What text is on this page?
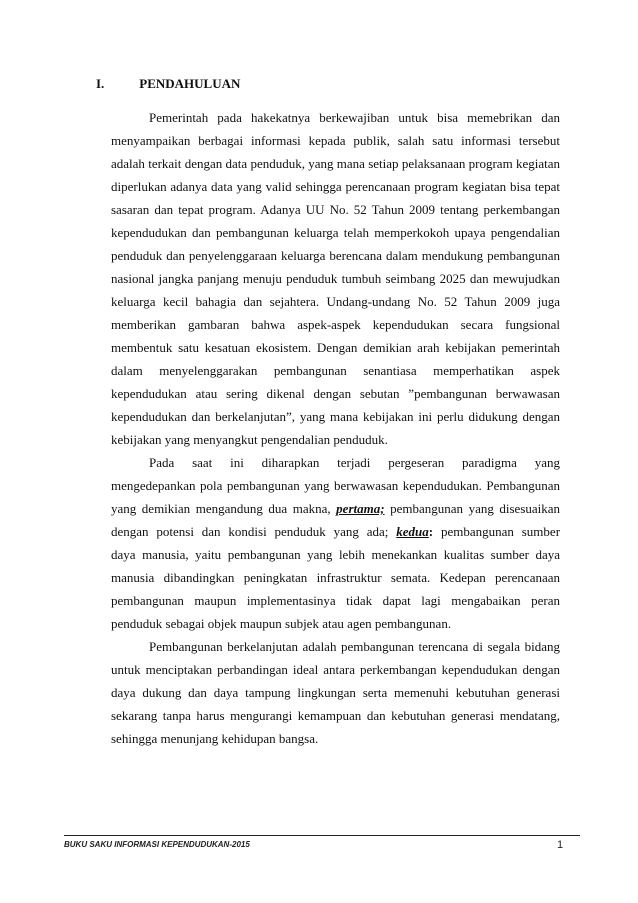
I.	PENDAHULUAN
Pemerintah pada hakekatnya berkewajiban untuk bisa memebrikan dan
menyampaikan berbagai informasi kepada publik, salah satu informasi tersebut
adalah terkait dengan data penduduk, yang mana setiap pelaksanaan program kegiatan
diperlukan adanya data yang valid sehingga perencanaan program kegiatan bisa tepat
sasaran dan tepat program. Adanya UU No. 52 Tahun 2009 tentang perkembangan
kependudukan dan pembangunan keluarga telah memperkokoh upaya pengendalian
penduduk dan penyelenggaraan keluarga berencana dalam mendukung pembangunan
nasional jangka panjang menuju penduduk tumbuh seimbang 2025 dan mewujudkan
keluarga kecil bahagia dan sejahtera. Undang-undang No. 52 Tahun 2009 juga
memberikan gambaran bahwa aspek-aspek kependudukan secara fungsional
membentuk satu kesatuan ekosistem. Dengan demikian arah kebijakan pemerintah
dalam menyelenggarakan pembangunan senantiasa memperhatikan aspek
kependudukan atau sering dikenal dengan sebutan ”pembangunan berwawasan
kependudukan dan berkelanjutan”, yang mana kebijakan ini perlu didukung dengan
kebijakan yang menyangkut pengendalian penduduk.
Pada saat ini diharapkan terjadi pergeseran paradigma yang
mengedepankan pola pembangunan yang berwawasan kependudukan. Pembangunan
yang demikian mengandung dua makna, pertama; pembangunan yang disesuaikan
dengan potensi dan kondisi penduduk yang ada; kedua: pembangunan sumber
daya manusia, yaitu pembangunan yang lebih menekankan kualitas sumber daya
manusia dibandingkan peningkatan infrastruktur semata. Kedepan perencanaan
pembangunan maupun implementasinya tidak dapat lagi mengabaikan peran
penduduk sebagai objek maupun subjek atau agen pembangunan.
Pembangunan berkelanjutan adalah pembangunan terencana di segala bidang
untuk menciptakan perbandingan ideal antara perkembangan kependudukan dengan
daya dukung dan daya tampung lingkungan serta memenuhi kebutuhan generasi
sekarang tanpa harus mengurangi kemampuan dan kebutuhan generasi mendatang,
sehingga menunjang kehidupan bangsa.
BUKU SAKU INFORMASI KEPENDUDUKAN-2015	1
